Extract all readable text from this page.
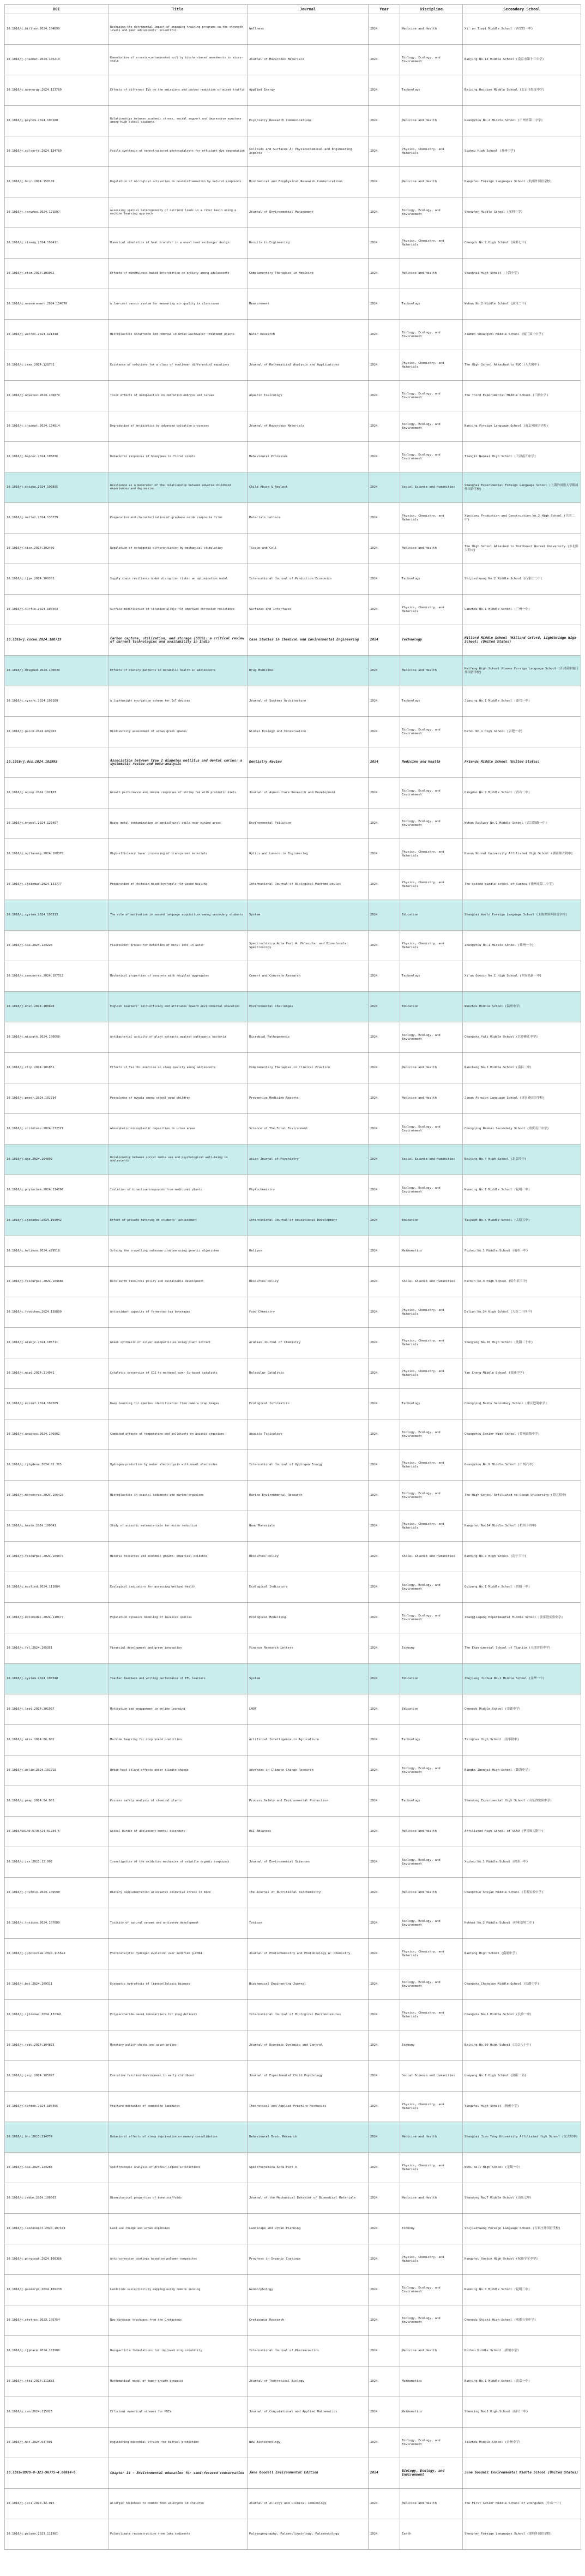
DOI	Title	Journal	Year	Discipline	Secondary School
10.1016/j.bitlrev.2024.104699	Reshaping the detrimental impact of engaging training programs on the strength levels and peer adolescents' scientific	Wellness	2024	Medicine and Health	Xi' an Tieyi Middle School (西安铁一中)
10.1016/j.jhazmat.2024.135210	Remediation of arsenic-contaminated soil by biochar-based amendments in micro-scale	Journal of Hazardous Materials	2024	Biology, Ecology, and Environment	Nanjing No.13 Middle School (南京市第十三中学)
10.1016/j.apenergy.2024.123789	Effects of different EVs on the emissions and carbon reduction of mixed traffic	Applied Energy	2024	Technology	Beijing Haidian Middle School (北京市海淀中学)
10.1016/j.psycom.2024.100180	Relationships between academic stress, social support and depressive symptoms among high school students	Psychiatry Research Communications	2024	Medicine and Health	Guangzhou No.2 Middle School (广州市第二中学)
10.1016/j.colsurfa.2024.134789	Facile synthesis of nanostructured photocatalysts for efficient dye degradation	Colloids and Surfaces A: Physicochemical and Engineering Aspects	2024	Physics, Chemistry, and Materials	Suzhou High School (苏州中学)
10.1016/j.bbrc.2024.150128	Regulation of microglial activation in neuroinflammation by natural compounds	Biochemical and Biophysical Research Communications	2024	Medicine and Health	Hangzhou Foreign Languages School (杭州外国语学校)
10.1016/j.jenvman.2024.121507	Assessing spatial heterogeneity of nutrient loads in a river basin using a machine learning approach	Journal of Environmental Management	2024	Biology, Ecology, and Environment	Shenzhen Middle School (深圳中学)
10.1016/j.rineng.2024.102411	Numerical simulation of heat transfer in a novel heat exchanger design	Results in Engineering	2024	Physics, Chemistry, and Materials	Chengdu No.7 High School (成都七中)
10.1016/j.ctim.2024.103052	Effects of mindfulness-based intervention on anxiety among adolescents	Complementary Therapies in Medicine	2024	Medicine and Health	Shanghai High School (上海中学)
10.1016/j.measurement.2024.114870	A low-cost sensor system for measuring air quality in classrooms	Measurement	2024	Technology	Wuhan No.2 Middle School (武汉二中)
10.1016/j.watres.2024.121448	Microplastics occurrence and removal in urban wastewater treatment plants	Water Research	2024	Biology, Ecology, and Environment	Xiamen Shuangshi Middle School (厦门双十中学)
10.1016/j.jmaa.2024.128701	Existence of solutions for a class of nonlinear differential equations	Journal of Mathematical Analysis and Applications	2024	Physics, Chemistry, and Materials	The High School Attached to RUC (人大附中)
10.1016/j.aquatox.2024.106879	Toxic effects of nanoplastics on zebrafish embryos and larvae	Aquatic Toxicology	2024	Biology, Ecology, and Environment	The Third Experimental Middle School (三帆中学)
10.1016/j.jhazmat.2024.134814	Degradation of antibiotics by advanced oxidation processes	Journal of Hazardous Materials	2024	Biology, Ecology, and Environment	Nanjing Foreign Language School (南京外国语学校)
10.1016/j.beproc.2024.105036	Behavioral responses of honeybees to floral scents	Behavioural Processes	2024	Biology, Ecology, and Environment	Tianjin Nankai High School (天津南开中学)
10.1016/j.chiabu.2024.106895	Resilience as a moderator of the relationship between adverse childhood experiences and depression	Child Abuse & Neglect	2024	Social Science and Humanities	Shanghai Experimental Foreign Language School (上海外国语大学附属外国语学校)
10.1016/j.matlet.2024.136779	Preparation and characterization of graphene oxide composite films	Materials Letters	2024	Physics, Chemistry, and Materials	Xinjiang Production and Construction No.2 High School (兵团二中)
10.1016/j.tice.2024.102436	Regulation of osteogenic differentiation by mechanical stimulation	Tissue and Cell	2024	Medicine and Health	The High School Attached to Northeast Normal University (东北师大附中)
10.1016/j.ijpe.2024.109301	Supply chain resilience under disruption risks: an optimization model	International Journal of Production Economics	2024	Technology	Shijiazhuang No.2 Middle School (石家庄二中)
10.1016/j.surfin.2024.104563	Surface modification of titanium alloys for improved corrosion resistance	Surfaces and Interfaces	2024	Physics, Chemistry, and Materials	Lanzhou No.1 Middle School (兰州一中)
10.1016/j.cscee.2024.100719	Carbon capture, utilization, and storage (CCUS): a critical review of current technologies and availability in India	Case Studies in Chemical and Environmental Engineering	2024	Technology	Hillard Middle School (Hillard Oxford, Lightbridge High School) (United States)
10.1016/j.drugmed.2024.100039	Effects of dietary patterns on metabolic health in adolescents	Drug Medicine	2024	Medicine and Health	Kaifeng High School Xiamen Foreign Language School (开封高中厦门外国语学校)
10.1016/j.sysarc.2024.103189	A lightweight encryption scheme for IoT devices	Journal of Systems Architecture	2024	Technology	Jiaxing No.1 Middle School (嘉兴一中)
10.1016/j.gecco.2024.e02963	Biodiversity assessment of urban green spaces	Global Ecology and Conservation	2024	Biology, Ecology, and Environment	Hefei No.1 High School (合肥一中)
10.1016/j.dsx.2024.102995	Association between type 2 diabetes mellitus and dental caries: a systematic review and meta-analysis	Dentistry Review	2024	Medicine and Health	Friends Middle School (United States)
10.1016/j.aqrep.2024.102193	Growth performance and immune responses of shrimp fed with probiotic diets	Journal of Aquaculture Research and Development	2024	Biology, Ecology, and Environment	Qingdao No.2 Middle School (青岛二中)
10.1016/j.envpol.2024.123457	Heavy metal contamination in agricultural soils near mining areas	Environmental Pollution	2024	Biology, Ecology, and Environment	Wuhan Railway No.1 Middle School (武汉铁路一中)
10.1016/j.optlaseng.2024.108370	High-efficiency laser processing of transparent materials	Optics and Lasers in Engineering	2024	Physics, Chemistry, and Materials	Hunan Normal University Affiliated High School (湖南师大附中)
10.1016/j.ijbiomac.2024.131777	Preparation of chitosan-based hydrogels for wound healing	International Journal of Biological Macromolecules	2024	Physics, Chemistry, and Materials	The second middle school of Xuzhou (徐州市第二中学)
10.1016/j.system.2024.103313	The role of motivation in second language acquisition among secondary students	System	2024	Education	Shanghai World Foreign Language School (上海世界外国语学校)
10.1016/j.saa.2024.124228	Fluorescent probes for detection of metal ions in water	Spectrochimica Acta Part A: Molecular and Biomolecular Spectroscopy	2024	Physics, Chemistry, and Materials	Zhengzhou No.1 Middle School (郑州一中)
10.1016/j.cemconres.2024.107512	Mechanical properties of concrete with recycled aggregates	Cement and Concrete Research	2024	Technology	Xi'an Gaoxin No.1 High School (西安高新一中)
10.1016/j.envc.2024.100898	English learners' self-efficacy and attitudes toward environmental education	Environmental Challenges	2024	Education	Wenzhou Middle School (温州中学)
10.1016/j.micpath.2024.106658	Antibacterial activity of plant extracts against pathogenic bacteria	Microbial Pathogenesis	2024	Biology, Ecology, and Environment	Changsha Yali Middle School (长沙雅礼中学)
10.1016/j.ctcp.2024.101851	Effects of Tai Chi exercise on sleep quality among adolescents	Complementary Therapies in Clinical Practice	2024	Medicine and Health	Nanchang No.2 Middle School (南昌二中)
10.1016/j.pmedr.2024.102734	Prevalence of myopia among school-aged children	Preventive Medicine Reports	2024	Medicine and Health	Jinan Foreign Language School (济南外国语学校)
10.1016/j.scitotenv.2024.172571	Atmospheric microplastic deposition in urban areas	Science of The Total Environment	2024	Biology, Ecology, and Environment	Chongqing Nankai Secondary School (重庆南开中学)
10.1016/j.ajp.2024.104099	Relationship between social media use and psychological well-being in adolescents	Asian Journal of Psychiatry	2024	Social Science and Humanities	Beijing No.4 High School (北京四中)
10.1016/j.phytochem.2024.114098	Isolation of bioactive compounds from medicinal plants	Phytochemistry	2024	Biology, Ecology, and Environment	Kunming No.1 Middle School (昆明一中)
10.1016/j.ijedudev.2024.103042	Effect of private tutoring on students' achievement	International Journal of Educational Development	2024	Education	Taiyuan No.5 Middle School (太原五中)
10.1016/j.heliyon.2024.e29518	Solving the travelling salesman problem using genetic algorithms	Heliyon	2024	Mathematics	Fuzhou No.1 Middle School (福州一中)
10.1016/j.resourpol.2024.104888	Rare earth resources policy and sustainable development	Resources Policy	2024	Social Science and Humanities	Harbin No.3 High School (哈尔滨三中)
10.1016/j.foodchem.2024.138800	Antioxidant capacity of fermented tea beverages	Food Chemistry	2024	Physics, Chemistry, and Materials	Dalian No.24 High School (大连二十四中)
10.1016/j.arabjc.2024.105711	Green synthesis of silver nanoparticles using plant extract	Arabian Journal of Chemistry	2024	Physics, Chemistry, and Materials	Shenyang No.20 High School (沈阳二十中)
10.1016/j.mcat.2024.114041	Catalytic conversion of CO2 to methanol over Cu-based catalysts	Molecular Catalysis	2024	Physics, Chemistry, and Materials	Yan Cheng Middle School (盐城中学)
10.1016/j.ecoinf.2024.102589	Deep learning for species identification from camera trap images	Ecological Informatics	2024	Technology	Chongqing Bashu Secondary School (重庆巴蜀中学)
10.1016/j.aquatox.2024.106902	Combined effects of temperature and pollutants on aquatic organisms	Aquatic Toxicology	2024	Biology, Ecology, and Environment	Changzhou Senior High School (常州高级中学)
10.1016/j.ijhydene.2024.03.305	Hydrogen production by water electrolysis with novel electrodes	International Journal of Hydrogen Energy	2024	Physics, Chemistry, and Materials	Guangzhou No.6 Middle School (广州六中)
10.1016/j.marenvres.2024.106423	Microplastics in coastal sediments and marine organisms	Marine Environmental Research	2024	Biology, Ecology, and Environment	The High School Affiliated to Ocean University (海大附中)
10.1016/j.hmate.2024.100041	Study of acoustic metamaterials for noise reduction	Nano Materials	2024	Physics, Chemistry, and Materials	Hangzhou No.14 Middle School (杭州十四中)
10.1016/j.resourpol.2024.104873	Mineral resources and economic growth: empirical evidence	Resources Policy	2024	Social Science and Humanities	Nanning No.3 High School (南宁三中)
10.1016/j.ecolind.2024.111884	Ecological indicators for assessing wetland health	Ecological Indicators	2024	Biology, Ecology, and Environment	Guiyang No.1 Middle School (贵阳一中)
10.1016/j.ecolmodel.2024.110677	Population dynamics modeling of invasive species	Ecological Modelling	2024	Biology, Ecology, and Environment	Zhangjiagang Experimental Middle School (张家港实验中学)
10.1016/j.frl.2024.105351	Financial development and green innovation	Finance Research Letters	2024	Economy	The Experimental School of Tianjin (天津实验中学)
10.1016/j.system.2024.103340	Teacher feedback and writing performance of EFL learners	System	2024	Education	Zhejiang Jinhua No.1 Middle School (金华一中)
10.1016/j.lmot.2024.101987	Motivation and engagement in online learning	LMOT	2024	Education	Chongde Middle School (崇德中学)
10.1016/j.aiia.2024.06.002	Machine learning for crop yield prediction	Artificial Intelligence in Agriculture	2024	Technology	Tsinghua High School (清华附中)
10.1016/j.uclim.2024.101918	Urban heat island effects under climate change	Advances in Climate Change Research	2024	Biology, Ecology, and Environment	Ningbo Zhenhai High School (镇海中学)
10.1016/j.psep.2024.04.001	Process safety analysis of chemical plants	Process Safety and Environmental Protection	2024	Technology	Shandong Experimental High School (山东省实验中学)
10.1016/S0140-6736(24)01234-5	Global burden of adolescent mental disorders	ESI Advances	2024	Medicine and Health	Affiliated High School of SCNU (华南师大附中)
10.1016/j.jes.2023.12.002	Investigation of the oxidation mechanism of volatile organic compounds	Journal of Environmental Sciences	2024	Biology, Ecology, and Environment	Xuzhou No.1 Middle School (徐州一中)
10.1016/j.jnutbio.2024.109598	Dietary supplementation alleviates oxidative stress in mice	The Journal of Nutritional Biochemistry	2024	Medicine and Health	Changchun Shiyan Middle School (长春实验中学)
10.1016/j.toxicon.2024.107689	Toxicity of natural venoms and antivenom development	Toxicon	2024	Biology, Ecology, and Environment	Hohhot No.2 Middle School (呼和浩特二中)
10.1016/j.jphotochem.2024.115628	Photocatalytic hydrogen evolution over modified g-C3N4	Journal of Photochemistry and Photobiology A: Chemistry	2024	Physics, Chemistry, and Materials	Nantong High School (南通中学)
10.1016/j.bej.2024.109311	Enzymatic hydrolysis of lignocellulosic biomass	Biochemical Engineering Journal	2024	Biology, Ecology, and Environment	Changsha Changjun Middle School (长郡中学)
10.1016/j.ijbiomac.2024.132341	Polysaccharide-based nanocarriers for drug delivery	International Journal of Biological Macromolecules	2024	Physics, Chemistry, and Materials	Changsha No.1 Middle School (长沙一中)
10.1016/j.jedc.2024.104873	Monetary policy shocks and asset prices	Journal of Economic Dynamics and Control	2024	Economy	Beijing No.80 High School (北京八十中)
10.1016/j.jecp.2024.105997	Executive function development in early childhood	Journal of Experimental Child Psychology	2024	Social Science and Humanities	Luoyang No.1 High School (洛阳一高)
10.1016/j.tafmec.2024.104405	Fracture mechanics of composite laminates	Theoretical and Applied Fracture Mechanics	2024	Physics, Chemistry, and Materials	Yangzhou High School (扬州中学)
10.1016/j.bbr.2023.114774	Behavioral effects of sleep deprivation on memory consolidation	Behavioural Brain Research	2024	Medicine and Health	Shanghai Jiao Tong University Affiliated High School (交大附中)
10.1016/j.saa.2024.124286	Spectroscopic analysis of protein-ligand interactions	Spectrochimica Acta Part A	2024	Physics, Chemistry, and Materials	Wuxi No.1 High School (无锡一中)
10.1016/j.jmbbm.2024.106563	Biomechanical properties of bone scaffolds	Journal of the Mechanical Behavior of Biomedical Materials	2024	Medicine and Health	Shandong No.7 Middle School (山东七中)
10.1016/j.landusepol.2024.107189	Land use change and urban expansion	Landscape and Urban Planning	2024	Economy	Shijiazhuang Foreign Language School (石家庄外国语学校)
10.1016/j.porgcoat.2024.108386	Anti-corrosion coatings based on polymer composites	Progress in Organic Coatings	2024	Physics, Chemistry, and Materials	Hangzhou Xuejun High School (杭州学军中学)
10.1016/j.geomorph.2024.109230	Landslide susceptibility mapping using remote sensing	Geomorphology	2024	Biology, Ecology, and Environment	Kunming No.3 Middle School (昆明三中)
10.1016/j.cretres.2023.105754	New dinosaur trackways from the Cretaceous	Cretaceous Research	2024	Biology, Ecology, and Environment	Chengdu Shishi High School (成都石室中学)
10.1016/j.ijpharm.2024.123986	Nanoparticle formulations for improved drug solubility	International Journal of Pharmaceutics	2024	Medicine and Health	Huzhou Middle School (湖州中学)
10.1016/j.jtbi.2024.111833	Mathematical model of tumor growth dynamics	Journal of Theoretical Biology	2024	Mathematics	Nanjing No.1 Middle School (南京一中)
10.1016/j.cam.2024.115923	Efficient numerical schemes for PDEs	Journal of Computational and Applied Mathematics	2024	Mathematics	Shaoxing No.1 High School (绍兴一中)
10.1016/j.nbt.2024.03.001	Engineering microbial strains for biofuel production	New Biotechnology	2024	Biology, Ecology, and Environment	Taizhou Middle School (台州中学)
10.1016/B978-0-323-96775-4.00014-6	Chapter 14 - Environmental education for semi-focused conservation	Jane Goodall Environmental Edition	2024	Biology, Ecology, and Environment	Jane Goodall Environmental Middle School (United States)
10.1016/j.jaci.2023.12.015	Allergic responses to common food allergens in children	Journal of Allergy and Clinical Immunology	2024	Medicine and Health	The First Senior Middle School of Zhongshan (中山一中)
10.1016/j.palaeo.2023.111981	Paleoclimate reconstruction from lake sediments	Palaeogeography, Palaeoclimatology, Palaeoecology	2024	Earth	Shenzhen Foreign Languages School (深圳外国语学校)
